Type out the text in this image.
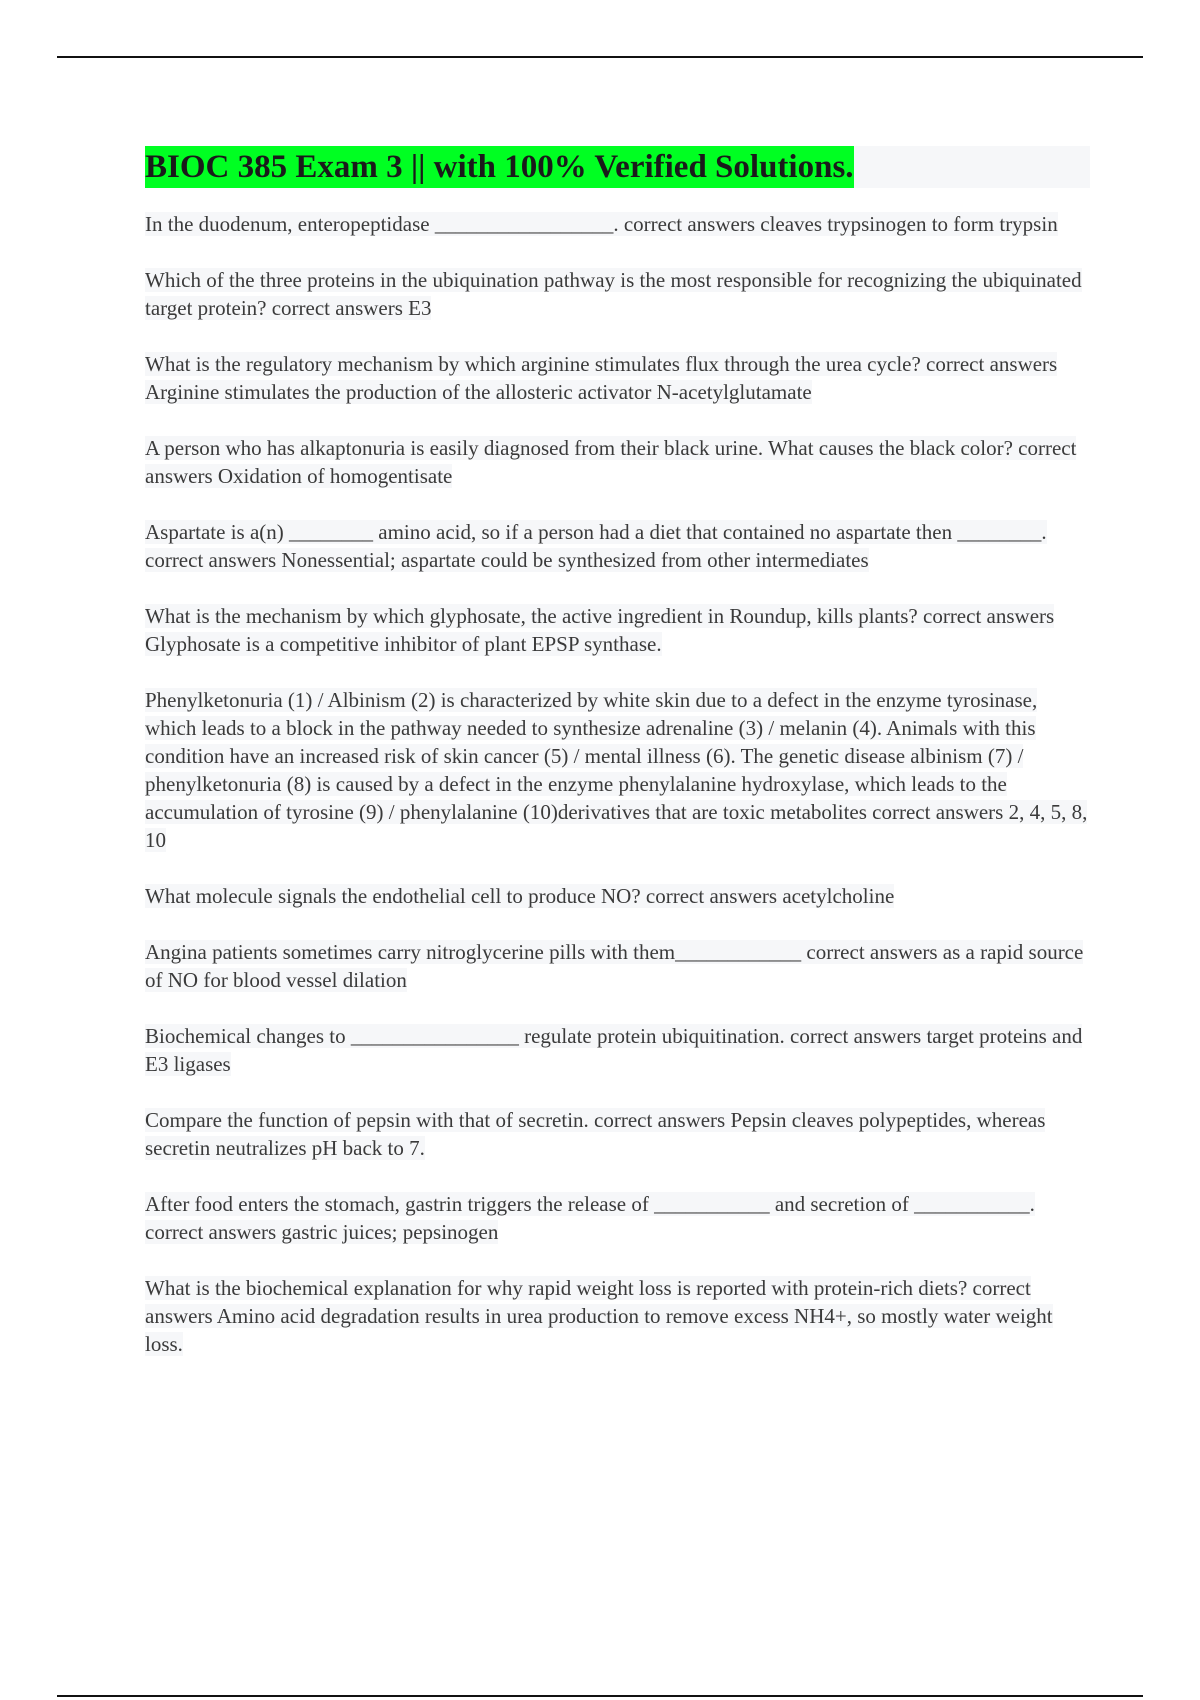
BIOC 385 Exam 3 || with 100% Verified Solutions.

In the duodenum, enteropeptidase _________________. correct answers cleaves trypsinogen to form trypsin

Which of the three proteins in the ubiquination pathway is the most responsible for recognizing the ubiquinated target protein? correct answers E3

What is the regulatory mechanism by which arginine stimulates flux through the urea cycle? correct answers Arginine stimulates the production of the allosteric activator N-acetylglutamate

A person who has alkaptonuria is easily diagnosed from their black urine. What causes the black color? correct answers Oxidation of homogentisate

Aspartate is a(n) ________ amino acid, so if a person had a diet that contained no aspartate then ________. correct answers Nonessential; aspartate could be synthesized from other intermediates

What is the mechanism by which glyphosate, the active ingredient in Roundup, kills plants? correct answers Glyphosate is a competitive inhibitor of plant EPSP synthase.

Phenylketonuria (1) / Albinism (2) is characterized by white skin due to a defect in the enzyme tyrosinase, which leads to a block in the pathway needed to synthesize adrenaline (3) / melanin (4). Animals with this condition have an increased risk of skin cancer (5) / mental illness (6). The genetic disease albinism (7) / phenylketonuria (8) is caused by a defect in the enzyme phenylalanine hydroxylase, which leads to the accumulation of tyrosine (9) / phenylalanine (10)derivatives that are toxic metabolites correct answers 2, 4, 5, 8, 10

What molecule signals the endothelial cell to produce NO? correct answers acetylcholine

Angina patients sometimes carry nitroglycerine pills with them____________ correct answers as a rapid source of NO for blood vessel dilation

Biochemical changes to ________________ regulate protein ubiquitination. correct answers target proteins and E3 ligases

Compare the function of pepsin with that of secretin. correct answers Pepsin cleaves polypeptides, whereas secretin neutralizes pH back to 7.

After food enters the stomach, gastrin triggers the release of ___________ and secretion of ___________. correct answers gastric juices; pepsinogen

What is the biochemical explanation for why rapid weight loss is reported with protein-rich diets? correct answers Amino acid degradation results in urea production to remove excess NH4+, so mostly water weight loss.
